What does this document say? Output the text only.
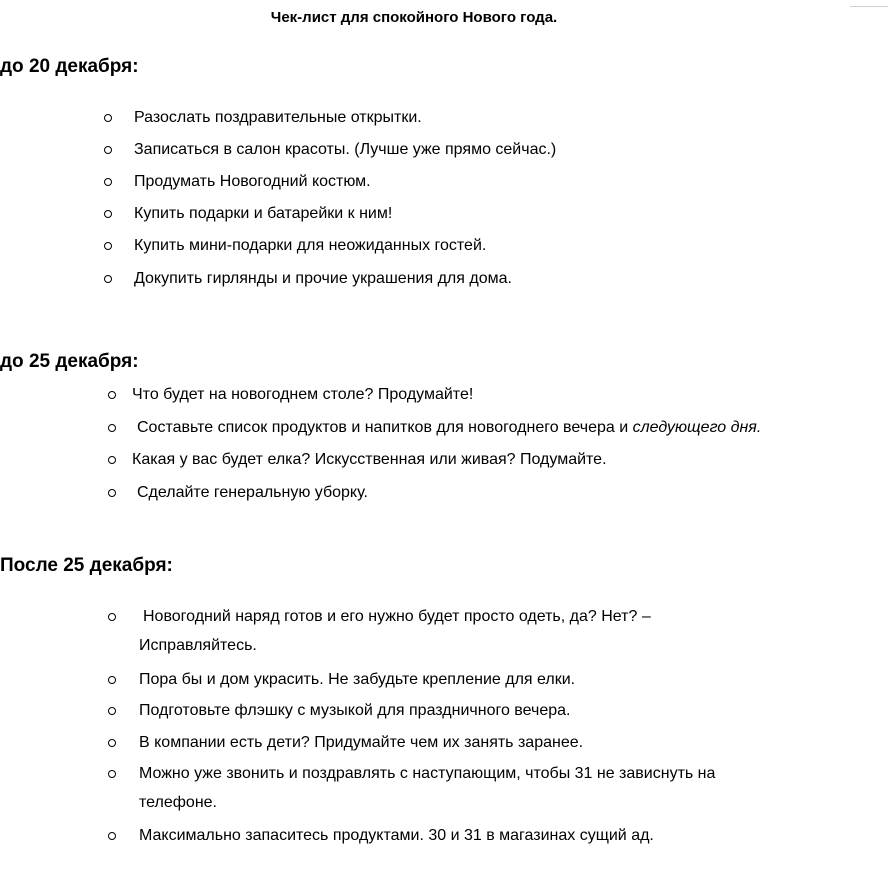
Чек-лист для спокойного Нового года.
до 20 декабря:
Разослать поздравительные открытки.
Записаться в салон красоты. (Лучше уже прямо сейчас.)
Продумать Новогодний костюм.
Купить подарки и батарейки к ним!
Купить мини-подарки для неожиданных гостей.
Докупить гирлянды и прочие украшения для дома.
до 25 декабря:
Что будет на новогоднем столе? Продумайте!
Составьте список продуктов и напитков для новогоднего вечера и следующего дня.
Какая у вас будет елка? Искусственная или живая? Подумайте.
Сделайте генеральную уборку.
После 25 декабря:
Новогодний наряд готов и его нужно будет просто одеть, да? Нет? –
Исправляйтесь.
Пора бы и дом украсить. Не забудьте крепление для елки.
Подготовьте флэшку с музыкой для праздничного вечера.
В компании есть дети? Придумайте чем их занять заранее.
Можно уже звонить и поздравлять с наступающим, чтобы 31 не зависнуть на
телефоне.
Максимально запаситесь продуктами. 30 и 31 в магазинах сущий ад.
